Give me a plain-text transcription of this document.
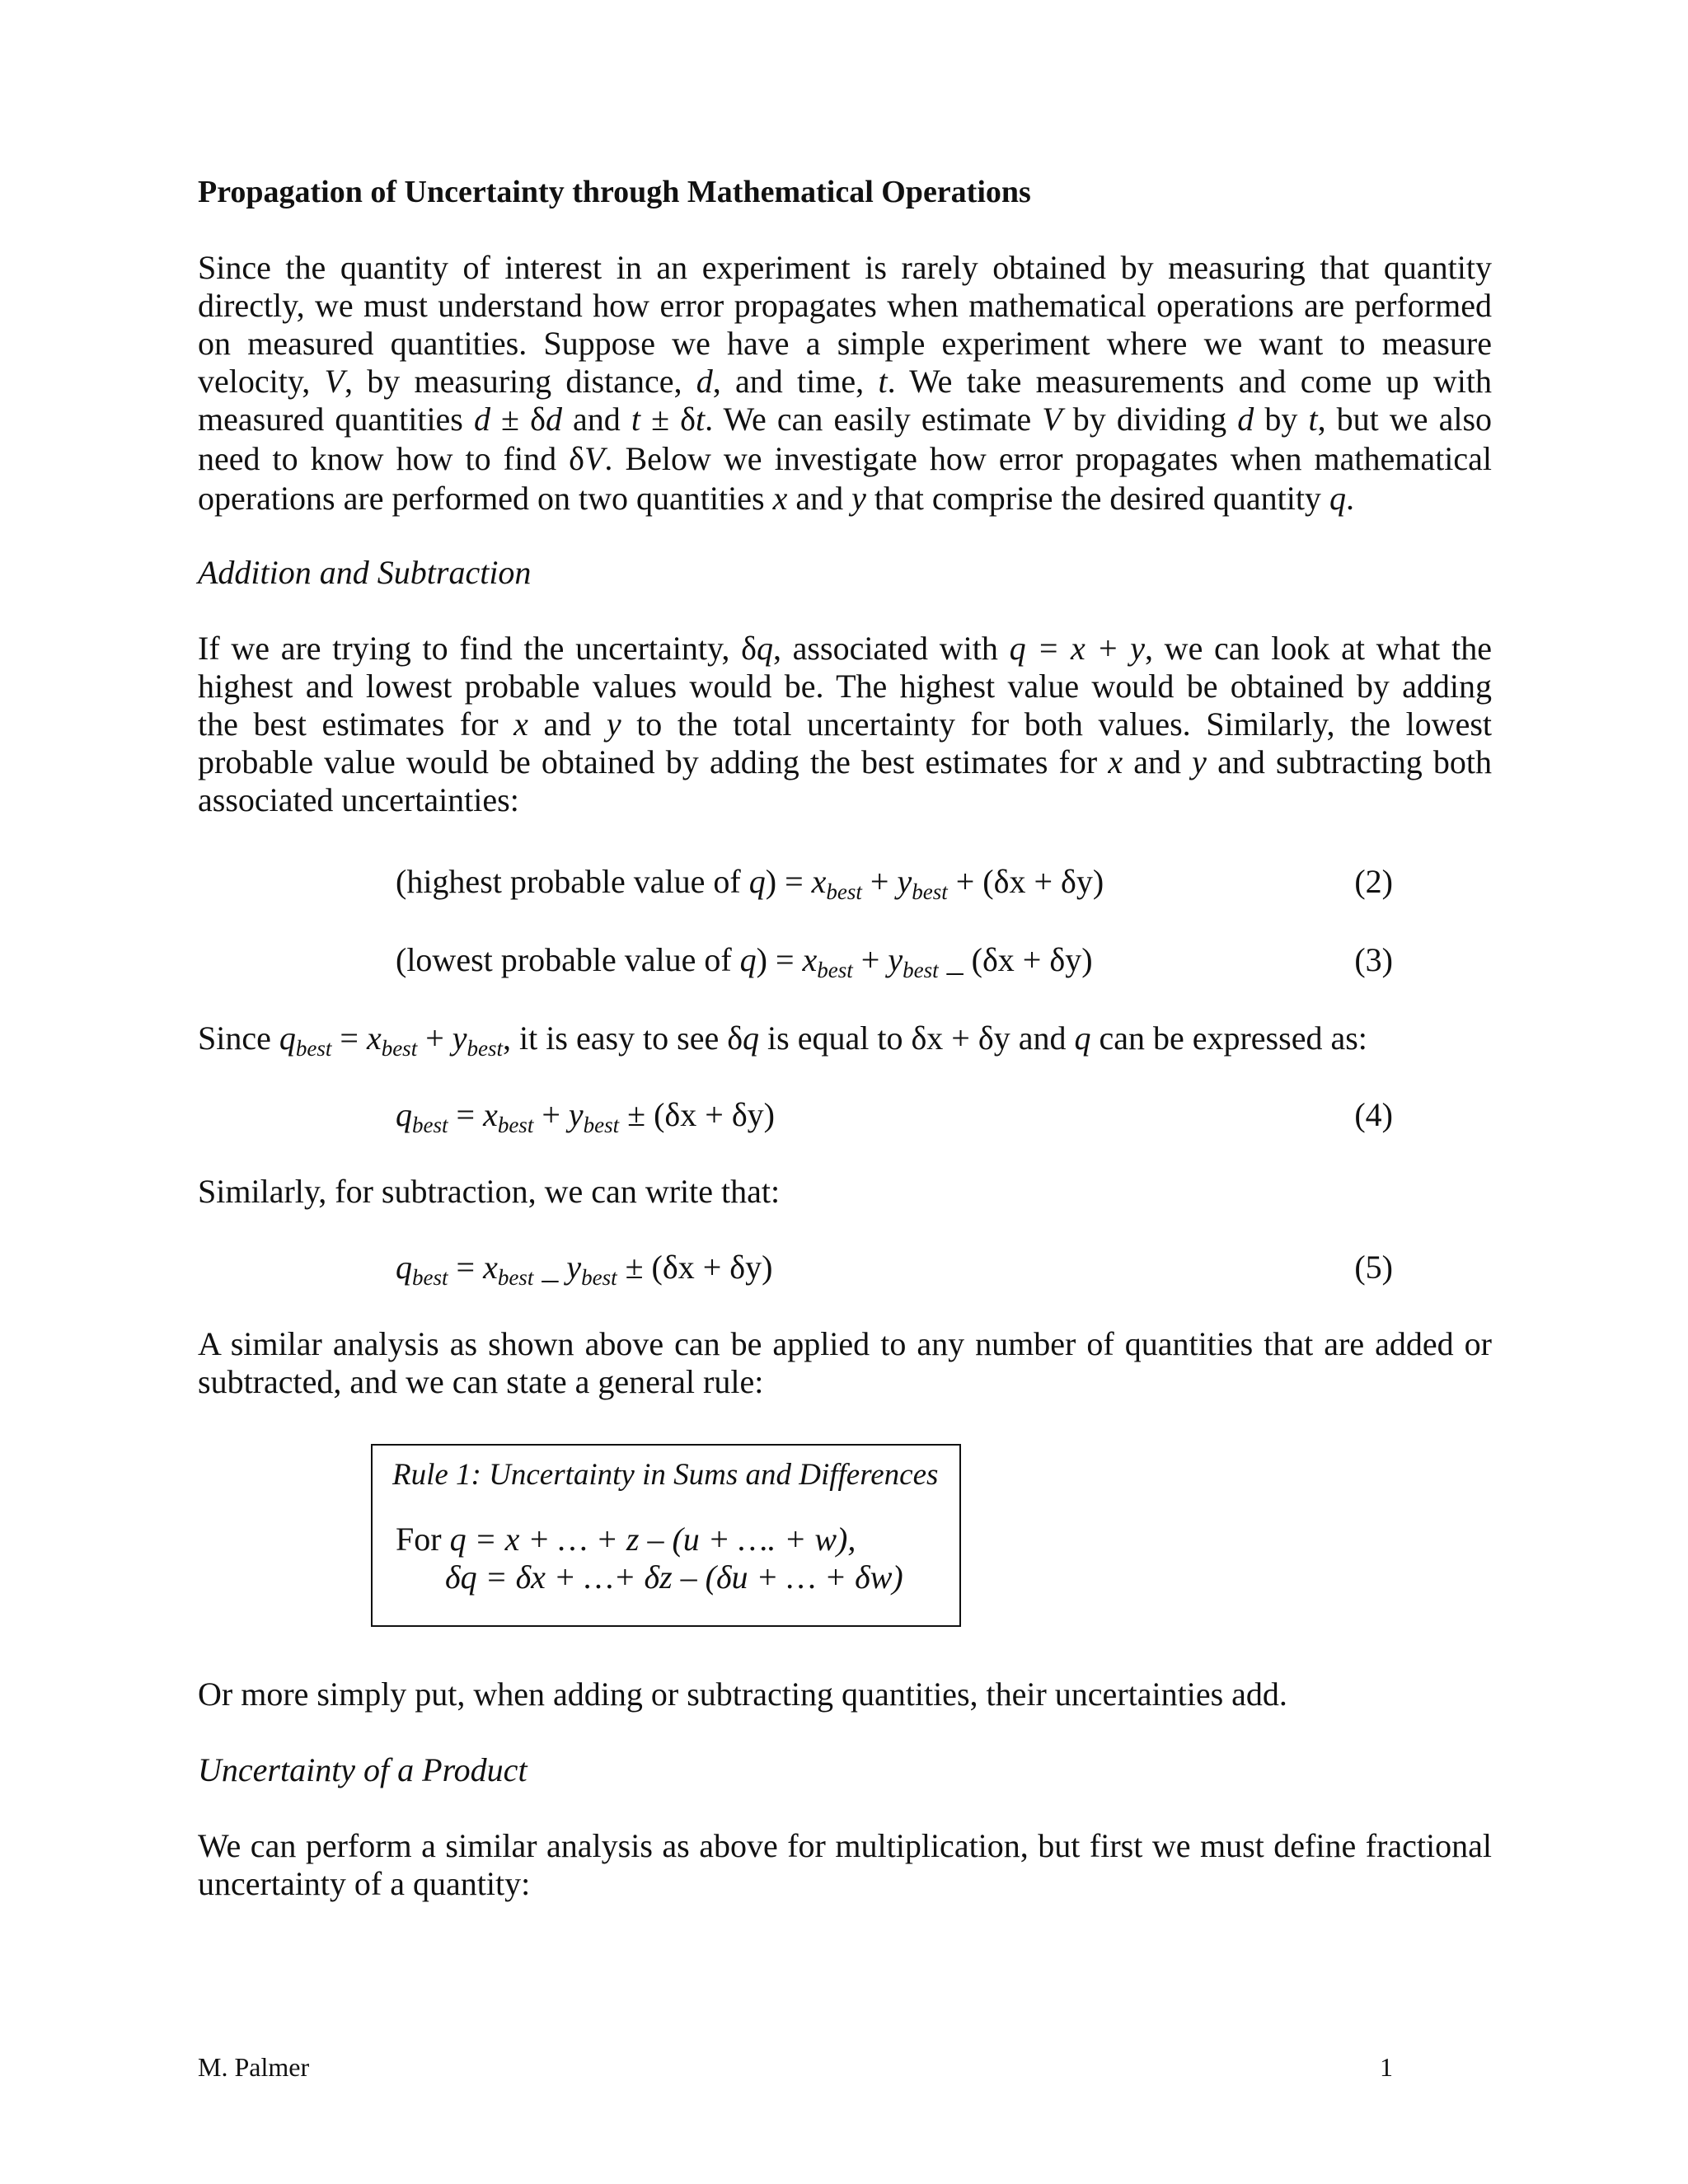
Propagation of Uncertainty through Mathematical Operations
Since the quantity of interest in an experiment is rarely obtained by measuring that quantity
directly, we must understand how error propagates when mathematical operations are performed
on measured quantities. Suppose we have a simple experiment where we want to measure
velocity, V, by measuring distance, d, and time, t. We take measurements and come up with
measured quantities d ± δd and t ± δt. We can easily estimate V by dividing d by t, but we also
need to know how to find δV. Below we investigate how error propagates when mathematical
operations are performed on two quantities x and y that comprise the desired quantity q.
Addition and Subtraction
If we are trying to find the uncertainty, δq, associated with q = x + y, we can look at what the
highest and lowest probable values would be. The highest value would be obtained by adding
the best estimates for x and y to the total uncertainty for both values. Similarly, the lowest
probable value would be obtained by adding the best estimates for x and y and subtracting both
associated uncertainties:
(highest probable value of $q) = x_{best} + y_{best} + (\delta x + \delta y)$	(2)
(lowest probable value of $q) = x_{best} + y_{best}$ _ (δx + δy)	(3)
Since $q_{best} = x_{best} + y_{best}$, it is easy to see δq is equal to δx + δy and q can be expressed as:
$q_{best} = x_{best} + y_{best} \pm (\delta x + \delta y)$	(4)
Similarly, for subtraction, we can write that:
$q_{best} = x_{best}$ _ $y_{best} \pm (\delta x + \delta y)$	(5)
A similar analysis as shown above can be applied to any number of quantities that are added or
subtracted, and we can state a general rule:
Rule 1: Uncertainty in Sums and Differences
For q = x + … + z – (u + …. + w),
δq = δx + …+ δz – (δu + … + δw)
Or more simply put, when adding or subtracting quantities, their uncertainties add.
Uncertainty of a Product
We can perform a similar analysis as above for multiplication, but first we must define fractional
uncertainty of a quantity:
M. Palmer	1
